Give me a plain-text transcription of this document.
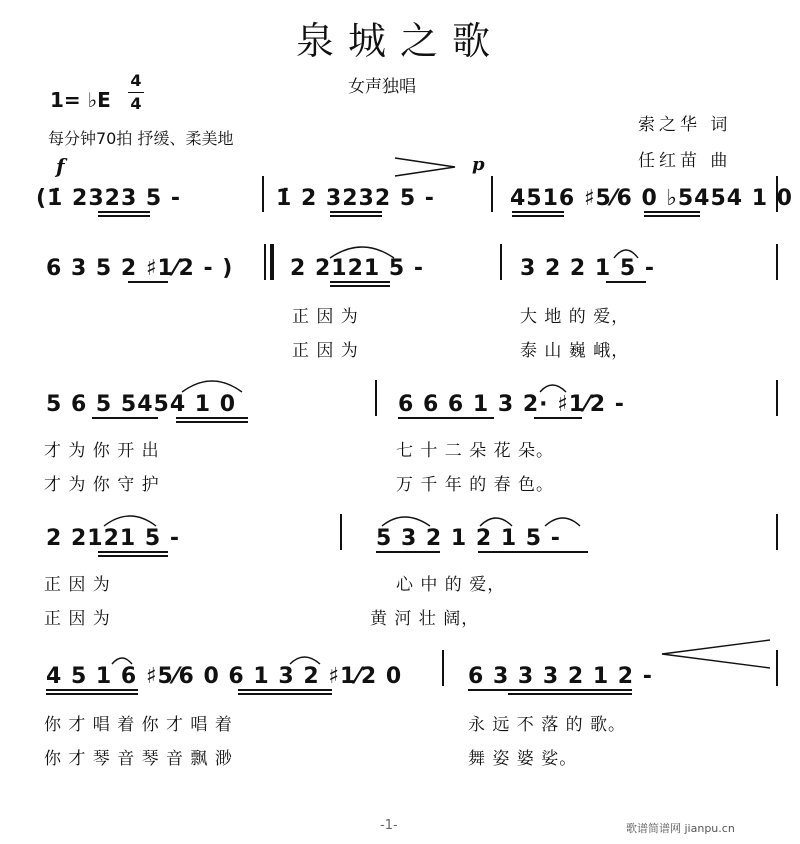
泉城之歌
女声独唱
1= ♭E
4
4
每分钟70拍 抒缓、柔美地
索之华 词
任红苗 曲
f	p
(1̇ 2323 5 -	1̇ 2 3232 5 -	4516 ♯5⁄6 0 ♭5454 1 0
6 3 5 2 ♯1⁄2 - )	2 2121 5 -	3 2 2 1 5 -
正 因 为	大 地 的 爱，
正 因 为	泰 山 巍 峨，
5 6 5 5454 1 0	6 6 6 1 3 2· ♯1⁄2 -
才 为 你 开 出	七 十 二 朵 花 朵。
才 为 你 守 护	万 千 年 的 春 色。
2 2121 5 -	5 3 2 1 2 1 5 -
正 因 为	心 中 的 爱，
正 因 为	黄 河 壮 阔，
4 5 1 6 ♯5⁄6 0 6 1 3 2 ♯1⁄2 0	6 3 3 3 2 1 2 -
你 才 唱 着 你 才 唱 着	永 远 不 落 的 歌。
你 才 琴 音 琴 音 飘 渺	舞 姿 婆 娑。
-1-	歌谱简谱网 jianpu.cn
